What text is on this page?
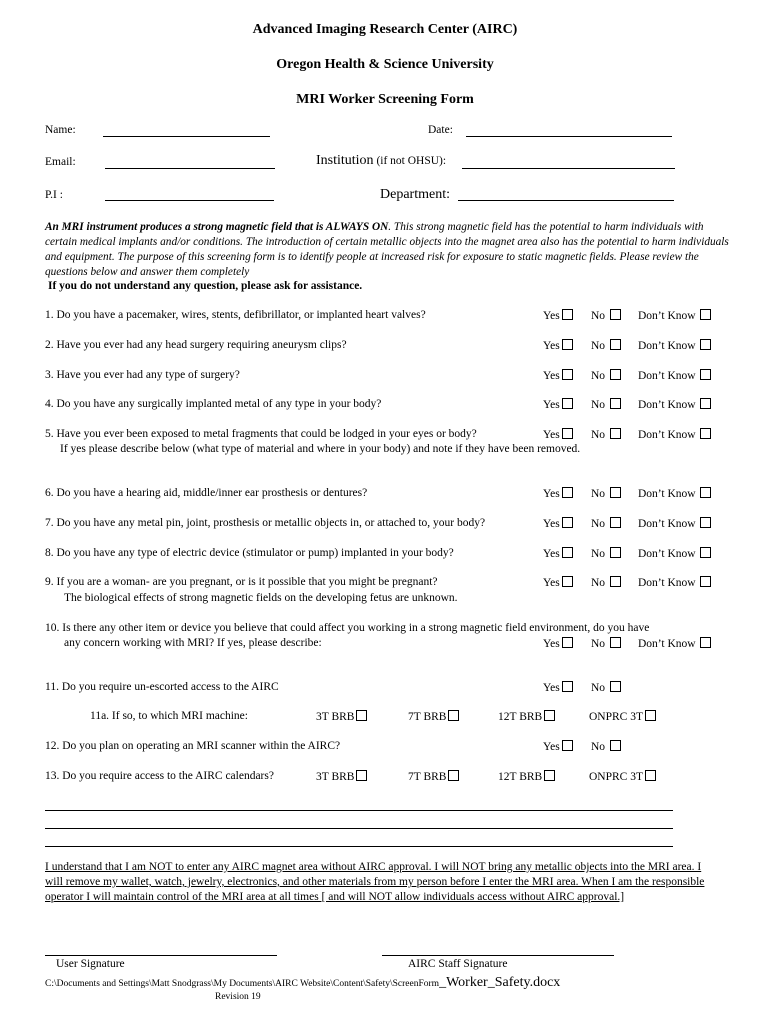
Advanced Imaging Research Center (AIRC)
Oregon Health & Science University
MRI Worker Screening Form
Name:	Date:
Email:	Institution (if not OHSU):
P.I :	Department:
An MRI instrument produces a strong magnetic field that is ALWAYS ON. This strong magnetic field has the potential to harm individuals with certain medical implants and/or conditions. The introduction of certain metallic objects into the magnet area also has the potential to harm individuals and equipment. The purpose of this screening form is to identify people at increased risk for exposure to static magnetic fields. Please review the questions below and answer them completely
If you do not understand any question, please ask for assistance.
1. Do you have a pacemaker, wires, stents, defibrillator, or implanted heart valves?	Yes	No	Don’t Know
2. Have you ever had any head surgery requiring aneurysm clips?	Yes	No	Don’t Know
3. Have you ever had any type of surgery?	Yes	No	Don’t Know
4. Do you have any surgically implanted metal of any type in your body?	Yes	No	Don’t Know
5. Have you ever been exposed to metal fragments that could be lodged in your eyes or body?
If yes please describe below (what type of material and where in your body) and note if they have been removed.
Yes	No	Don’t Know
6. Do you have a hearing aid, middle/inner ear prosthesis or dentures?	Yes	No	Don’t Know
7. Do you have any metal pin, joint, prosthesis or metallic objects in, or attached to, your body?	Yes	No	Don’t Know
8. Do you have any type of electric device (stimulator or pump) implanted in your body?	Yes	No	Don’t Know
9. If you are a woman- are you pregnant, or is it possible that you might be pregnant?
The biological effects of strong magnetic fields on the developing fetus are unknown.
Yes	No	Don’t Know
10. Is there any other item or device you believe that could affect you working in a strong magnetic field environment, do you have
any concern working with MRI? If yes, please describe:	Yes	No	Don’t Know
11. Do you require un-escorted access to the AIRC	Yes	No
11a. If so, to which MRI machine:	3T BRB	7T BRB	12T BRB	ONPRC 3T
12. Do you plan on operating an MRI scanner within the AIRC?	Yes	No
13. Do you require access to the AIRC calendars?	3T BRB	7T BRB	12T BRB	ONPRC 3T
I understand that I am NOT to enter any AIRC magnet area without AIRC approval. I will NOT bring any metallic objects into the MRI area. I will remove my wallet, watch, jewelry, electronics, and other materials from my person before I enter the MRI area. When I am the responsible operator I will maintain control of the MRI area at all times [ and will NOT allow individuals access without AIRC approval.]
User Signature	AIRC Staff Signature
C:\Documents and Settings\Matt Snodgrass\My Documents\AIRC Website\Content\Safety\ScreenForm_Worker_Safety.docx
Revision 19
